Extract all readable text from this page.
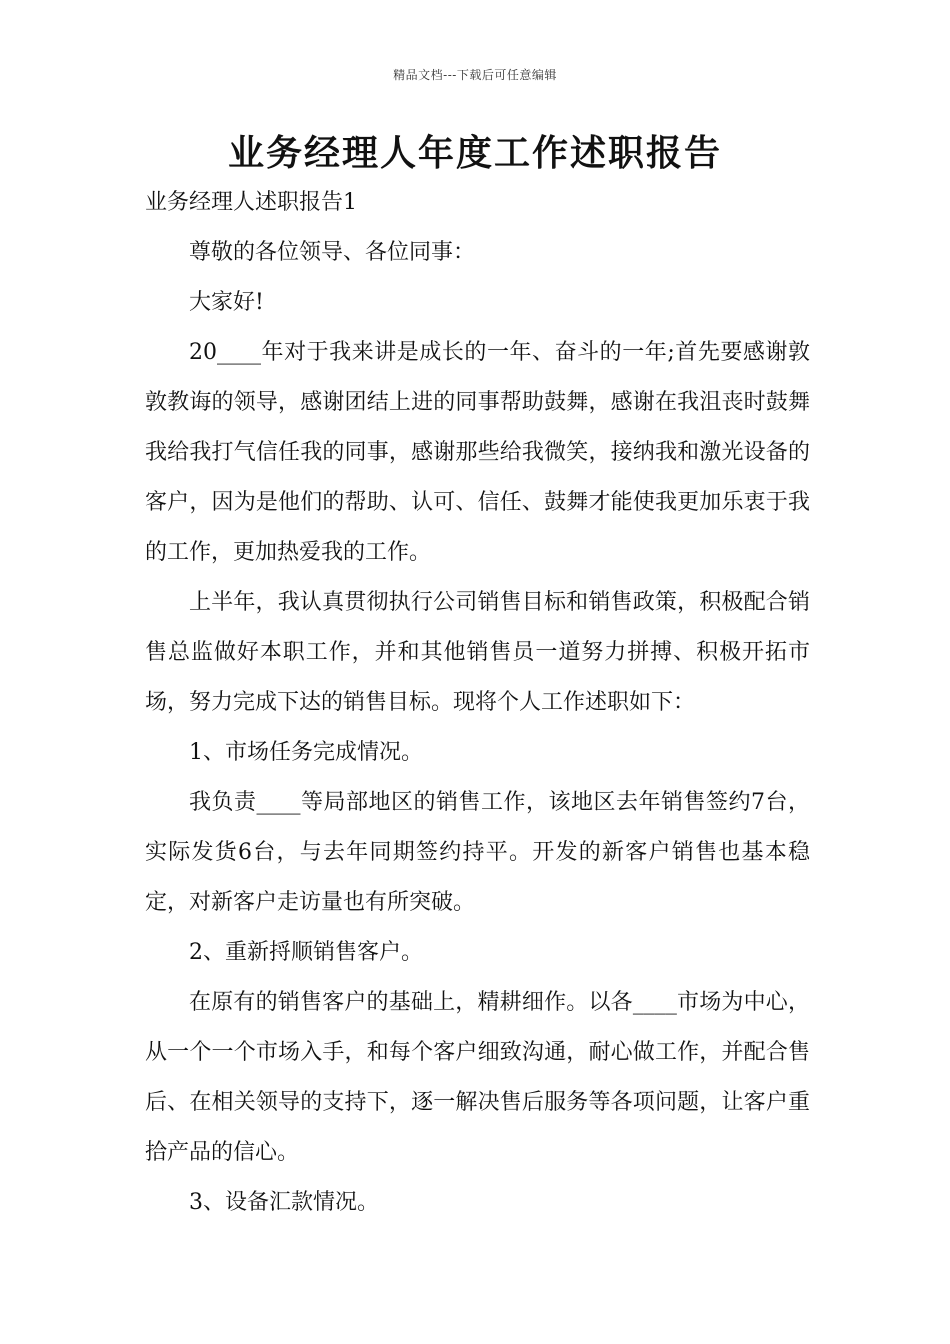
精品文档---下载后可任意编辑
业务经理人年度工作述职报告

业务经理人述职报告1

尊敬的各位领导、各位同事：

大家好!

20____年对于我来讲是成长的一年、奋斗的一年;首先要感谢敦敦教诲的领导，感谢团结上进的同事帮助鼓舞，感谢在我沮丧时鼓舞我给我打气信任我的同事，感谢那些给我微笑，接纳我和激光设备的客户，因为是他们的帮助、认可、信任、鼓舞才能使我更加乐衷于我的工作，更加热爱我的工作。

上半年，我认真贯彻执行公司销售目标和销售政策，积极配合销售总监做好本职工作，并和其他销售员一道努力拼搏、积极开拓市场，努力完成下达的销售目标。现将个人工作述职如下：

1、市场任务完成情况。

我负责____等局部地区的销售工作，该地区去年销售签约7台，实际发货6台，与去年同期签约持平。开发的新客户销售也基本稳定，对新客户走访量也有所突破。

2、重新捋顺销售客户。

在原有的销售客户的基础上，精耕细作。以各____市场为中心，从一个一个市场入手，和每个客户细致沟通，耐心做工作，并配合售后、在相关领导的支持下，逐一解决售后服务等各项问题，让客户重拾产品的信心。

3、设备汇款情况。
